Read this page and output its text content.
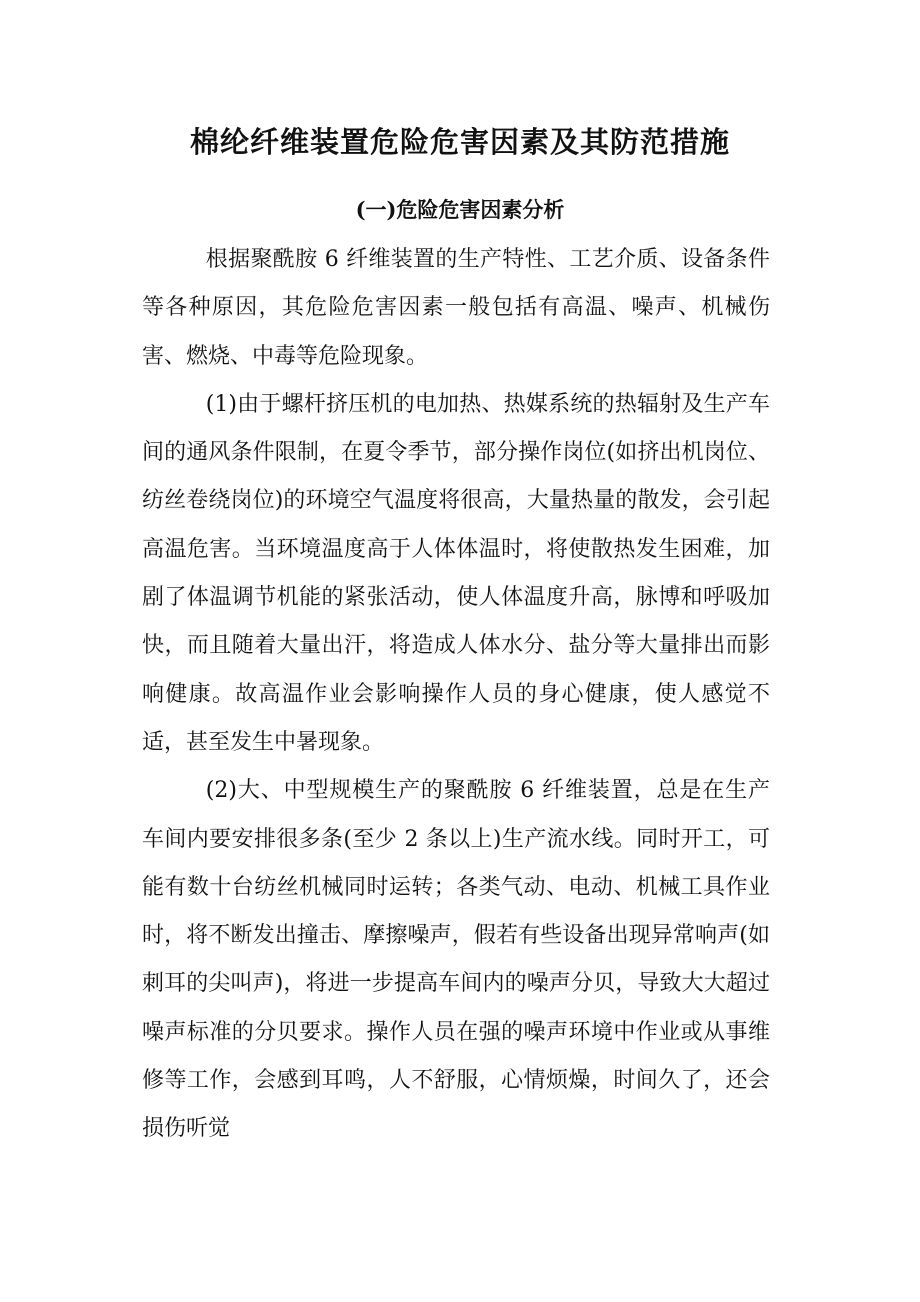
棉纶纤维装置危险危害因素及其防范措施
(一)危险危害因素分析

根据聚酰胺 6 纤维装置的生产特性、工艺介质、设备条件等各种原因，其危险危害因素一般包括有高温、噪声、机械伤害、燃烧、中毒等危险现象。

(1)由于螺杆挤压机的电加热、热媒系统的热辐射及生产车间的通风条件限制，在夏令季节，部分操作岗位(如挤出机岗位、纺丝卷绕岗位)的环境空气温度将很高，大量热量的散发，会引起高温危害。当环境温度高于人体体温时，将使散热发生困难，加剧了体温调节机能的紧张活动，使人体温度升高，脉博和呼吸加快，而且随着大量出汗，将造成人体水分、盐分等大量排出而影响健康。故高温作业会影响操作人员的身心健康，使人感觉不适，甚至发生中暑现象。

(2)大、中型规模生产的聚酰胺 6 纤维装置，总是在生产车间内要安排很多条(至少 2 条以上)生产流水线。同时开工，可能有数十台纺丝机械同时运转；各类气动、电动、机械工具作业时，将不断发出撞击、摩擦噪声，假若有些设备出现异常响声(如刺耳的尖叫声)，将进一步提高车间内的噪声分贝，导致大大超过噪声标准的分贝要求。操作人员在强的噪声环境中作业或从事维修等工作，会感到耳鸣，人不舒服，心情烦燥，时间久了，还会损伤听觉
